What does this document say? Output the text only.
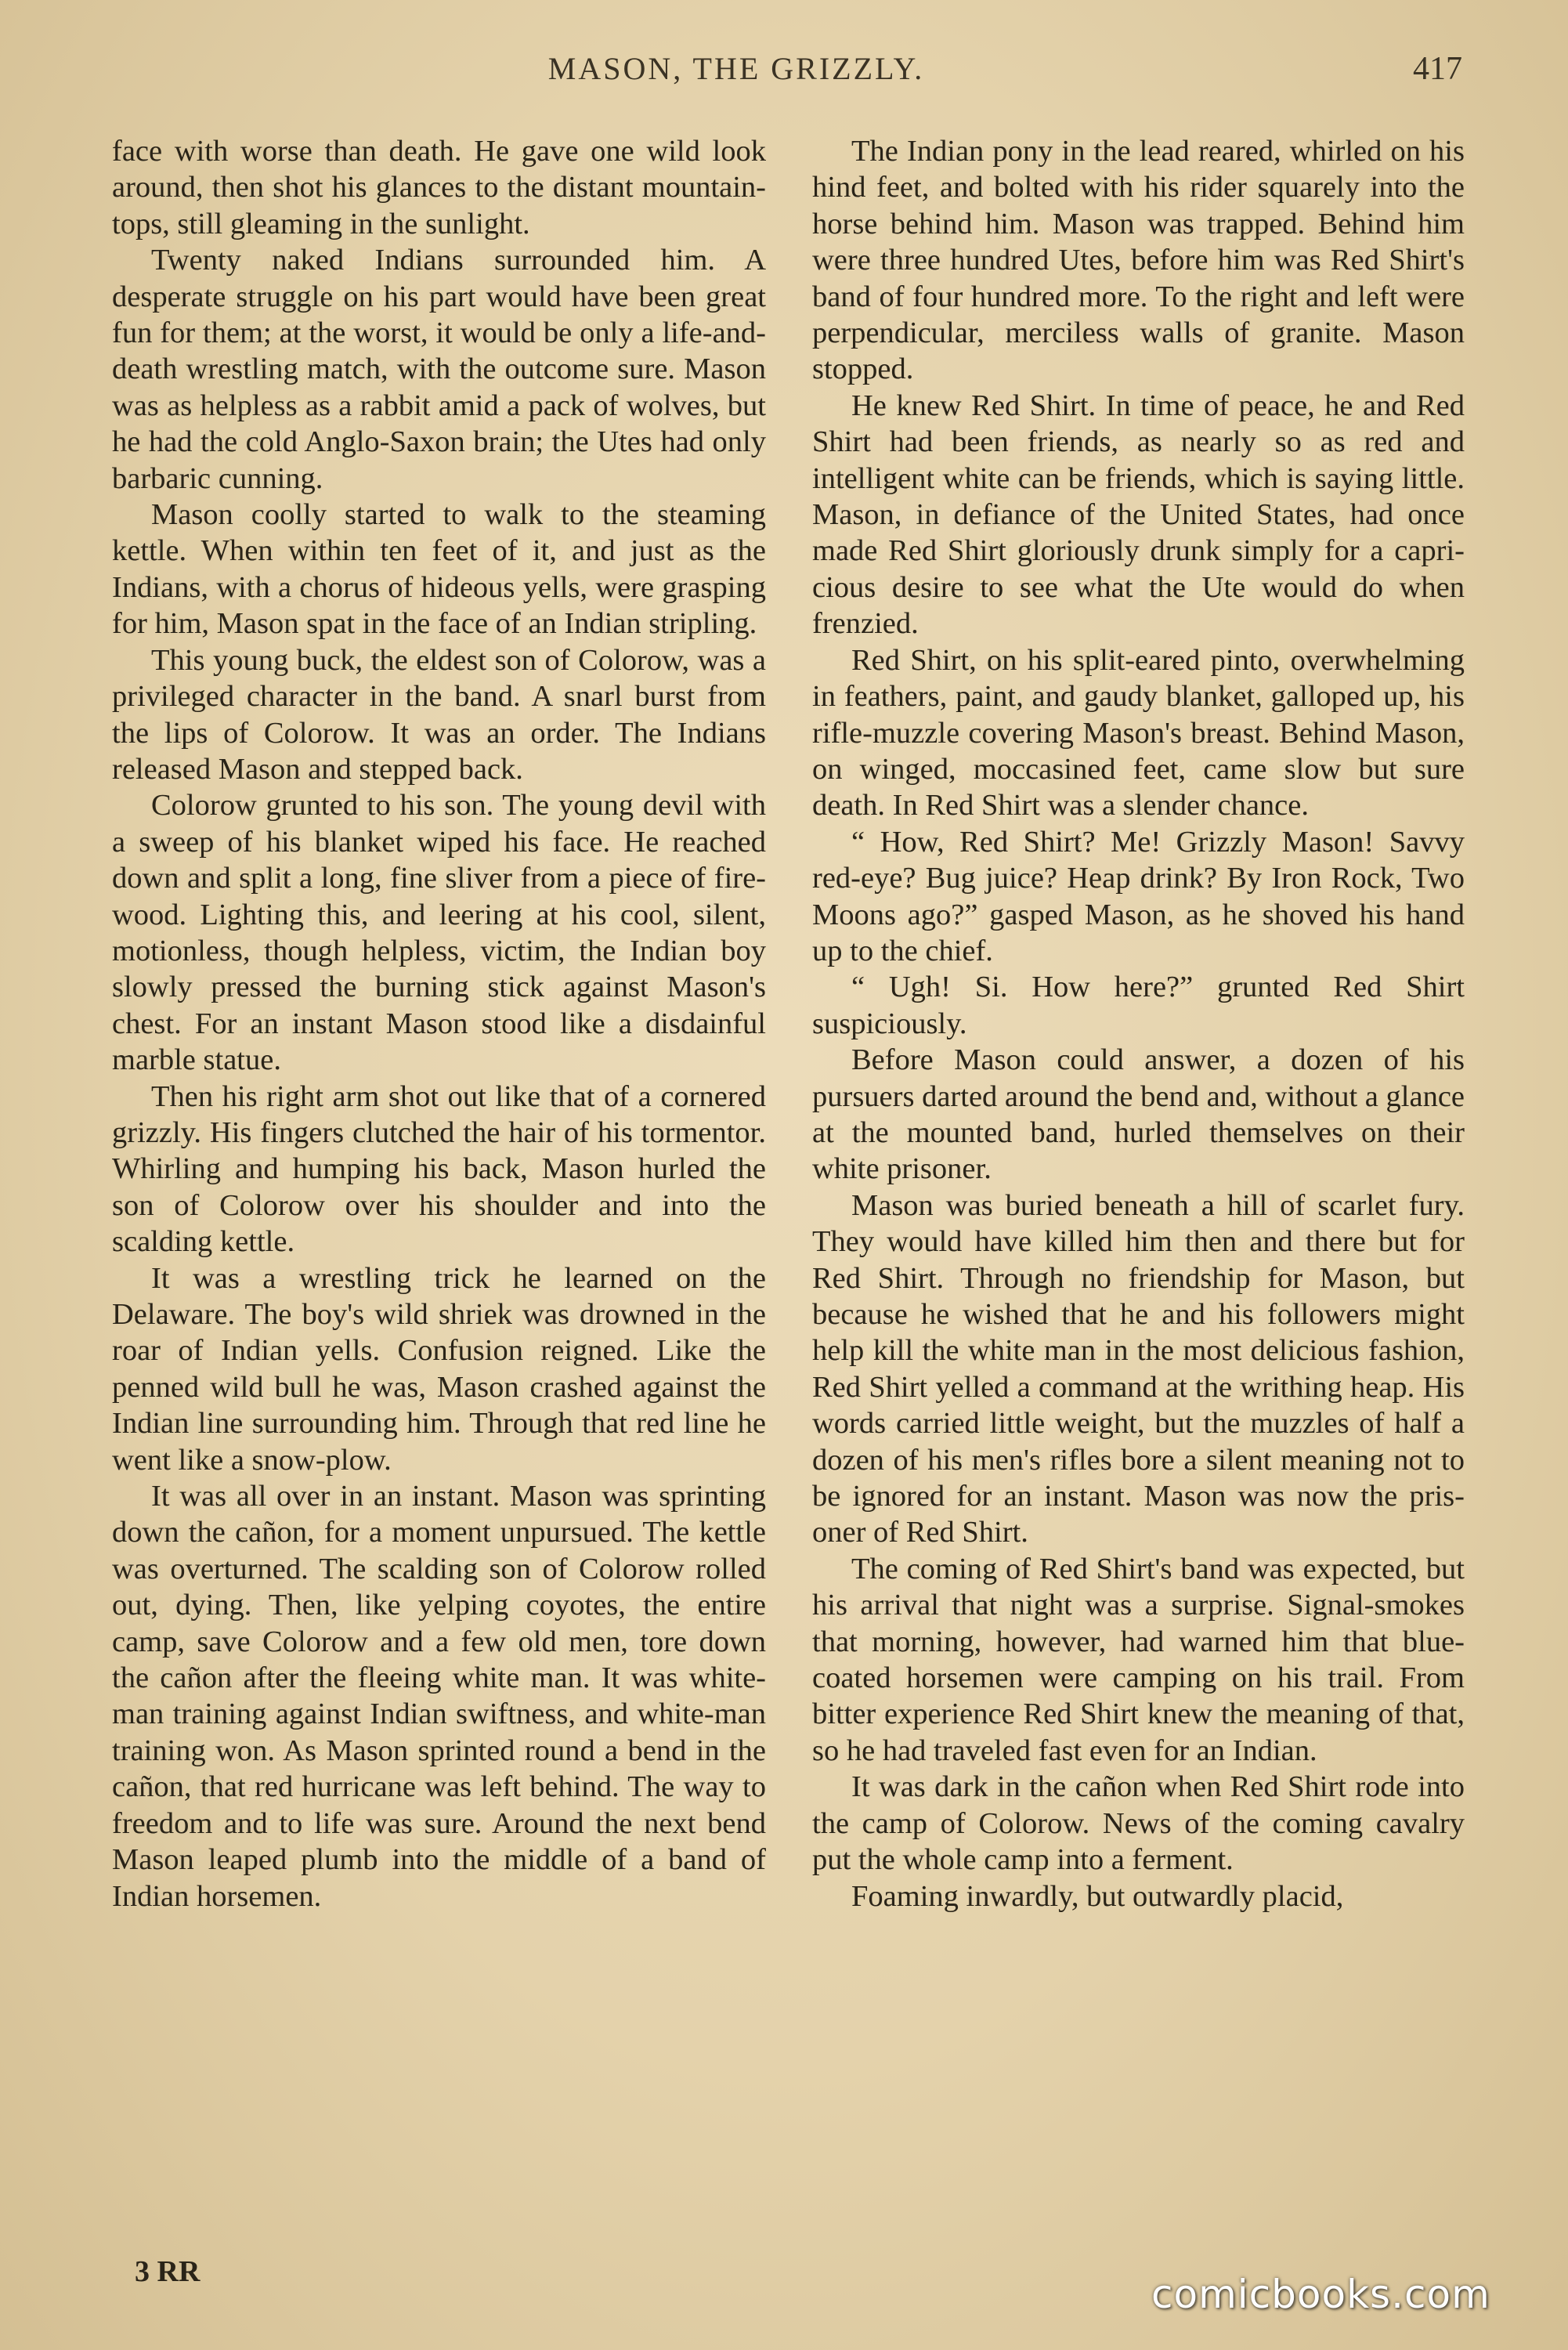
MASON, THE GRIZZLY.	417

face with worse than death. He gave one wild look around, then shot his glances to the distant mountain-tops, still gleaming in the sunlight.

Twenty naked Indians surrounded him. A desperate struggle on his part would have been great fun for them; at the worst, it would be only a life-and-death wrestling match, with the outcome sure. Mason was as helpless as a rabbit amid a pack of wolves, but he had the cold Anglo-Saxon brain; the Utes had only barbaric cunning.

Mason coolly started to walk to the steaming kettle. When within ten feet of it, and just as the Indians, with a chorus of hideous yells, were grasping for him, Mason spat in the face of an Indian stripling.

This young buck, the eldest son of Colorow, was a privileged character in the band. A snarl burst from the lips of Colorow. It was an order. The Indians released Mason and stepped back.

Colorow grunted to his son. The young devil with a sweep of his blanket wiped his face. He reached down and split a long, fine sliver from a piece of fire-wood. Lighting this, and leering at his cool, silent, motionless, though helpless, victim, the Indian boy slowly pressed the burning stick against Mason's chest. For an instant Mason stood like a disdainful marble statue.

Then his right arm shot out like that of a cornered grizzly. His fingers clutched the hair of his tormentor. Whirling and humping his back, Mason hurled the son of Colorow over his shoulder and into the scalding kettle.

It was a wrestling trick he learned on the Delaware. The boy's wild shriek was drowned in the roar of Indian yells. Confusion reigned. Like the penned wild bull he was, Mason crashed against the Indian line surrounding him. Through that red line he went like a snow-plow.

It was all over in an instant. Mason was sprinting down the cañon, for a moment unpursued. The kettle was overturned. The scalding son of Colorow rolled out, dying. Then, like yelping coyotes, the entire camp, save Colorow and a few old men, tore down the cañon after the fleeing white man. It was white-man training against Indian swiftness, and white-man training won. As Mason sprinted round a bend in the cañon, that red hurricane was left behind. The way to freedom and to life was sure. Around the next bend Mason leaped plumb into the middle of a band of Indian horsemen.

The Indian pony in the lead reared, whirled on his hind feet, and bolted with his rider squarely into the horse behind him. Mason was trapped. Behind him were three hundred Utes, before him was Red Shirt's band of four hundred more. To the right and left were perpendicular, merciless walls of granite. Mason stopped.

He knew Red Shirt. In time of peace, he and Red Shirt had been friends, as nearly so as red and intelligent white can be friends, which is saying little. Mason, in defiance of the United States, had once made Red Shirt gloriously drunk simply for a capricious desire to see what the Ute would do when frenzied.

Red Shirt, on his split-eared pinto, overwhelming in feathers, paint, and gaudy blanket, galloped up, his rifle-muzzle covering Mason's breast. Behind Mason, on winged, moccasined feet, came slow but sure death. In Red Shirt was a slender chance.

“ How, Red Shirt? Me! Grizzly Mason! Savvy red-eye? Bug juice? Heap drink? By Iron Rock, Two Moons ago?” gasped Mason, as he shoved his hand up to the chief.

“ Ugh! Si. How here?” grunted Red Shirt suspiciously.

Before Mason could answer, a dozen of his pursuers darted around the bend and, without a glance at the mounted band, hurled themselves on their white prisoner.

Mason was buried beneath a hill of scarlet fury. They would have killed him then and there but for Red Shirt. Through no friendship for Mason, but because he wished that he and his followers might help kill the white man in the most delicious fashion, Red Shirt yelled a command at the writhing heap. His words carried little weight, but the muzzles of half a dozen of his men's rifles bore a silent meaning not to be ignored for an instant. Mason was now the prisoner of Red Shirt.

The coming of Red Shirt's band was expected, but his arrival that night was a surprise. Signal-smokes that morning, however, had warned him that blue-coated horsemen were camping on his trail. From bitter experience Red Shirt knew the meaning of that, so he had traveled fast even for an Indian.

It was dark in the cañon when Red Shirt rode into the camp of Colorow. News of the coming cavalry put the whole camp into a ferment.

Foaming inwardly, but outwardly placid,

3 RR	comicbooks.com
